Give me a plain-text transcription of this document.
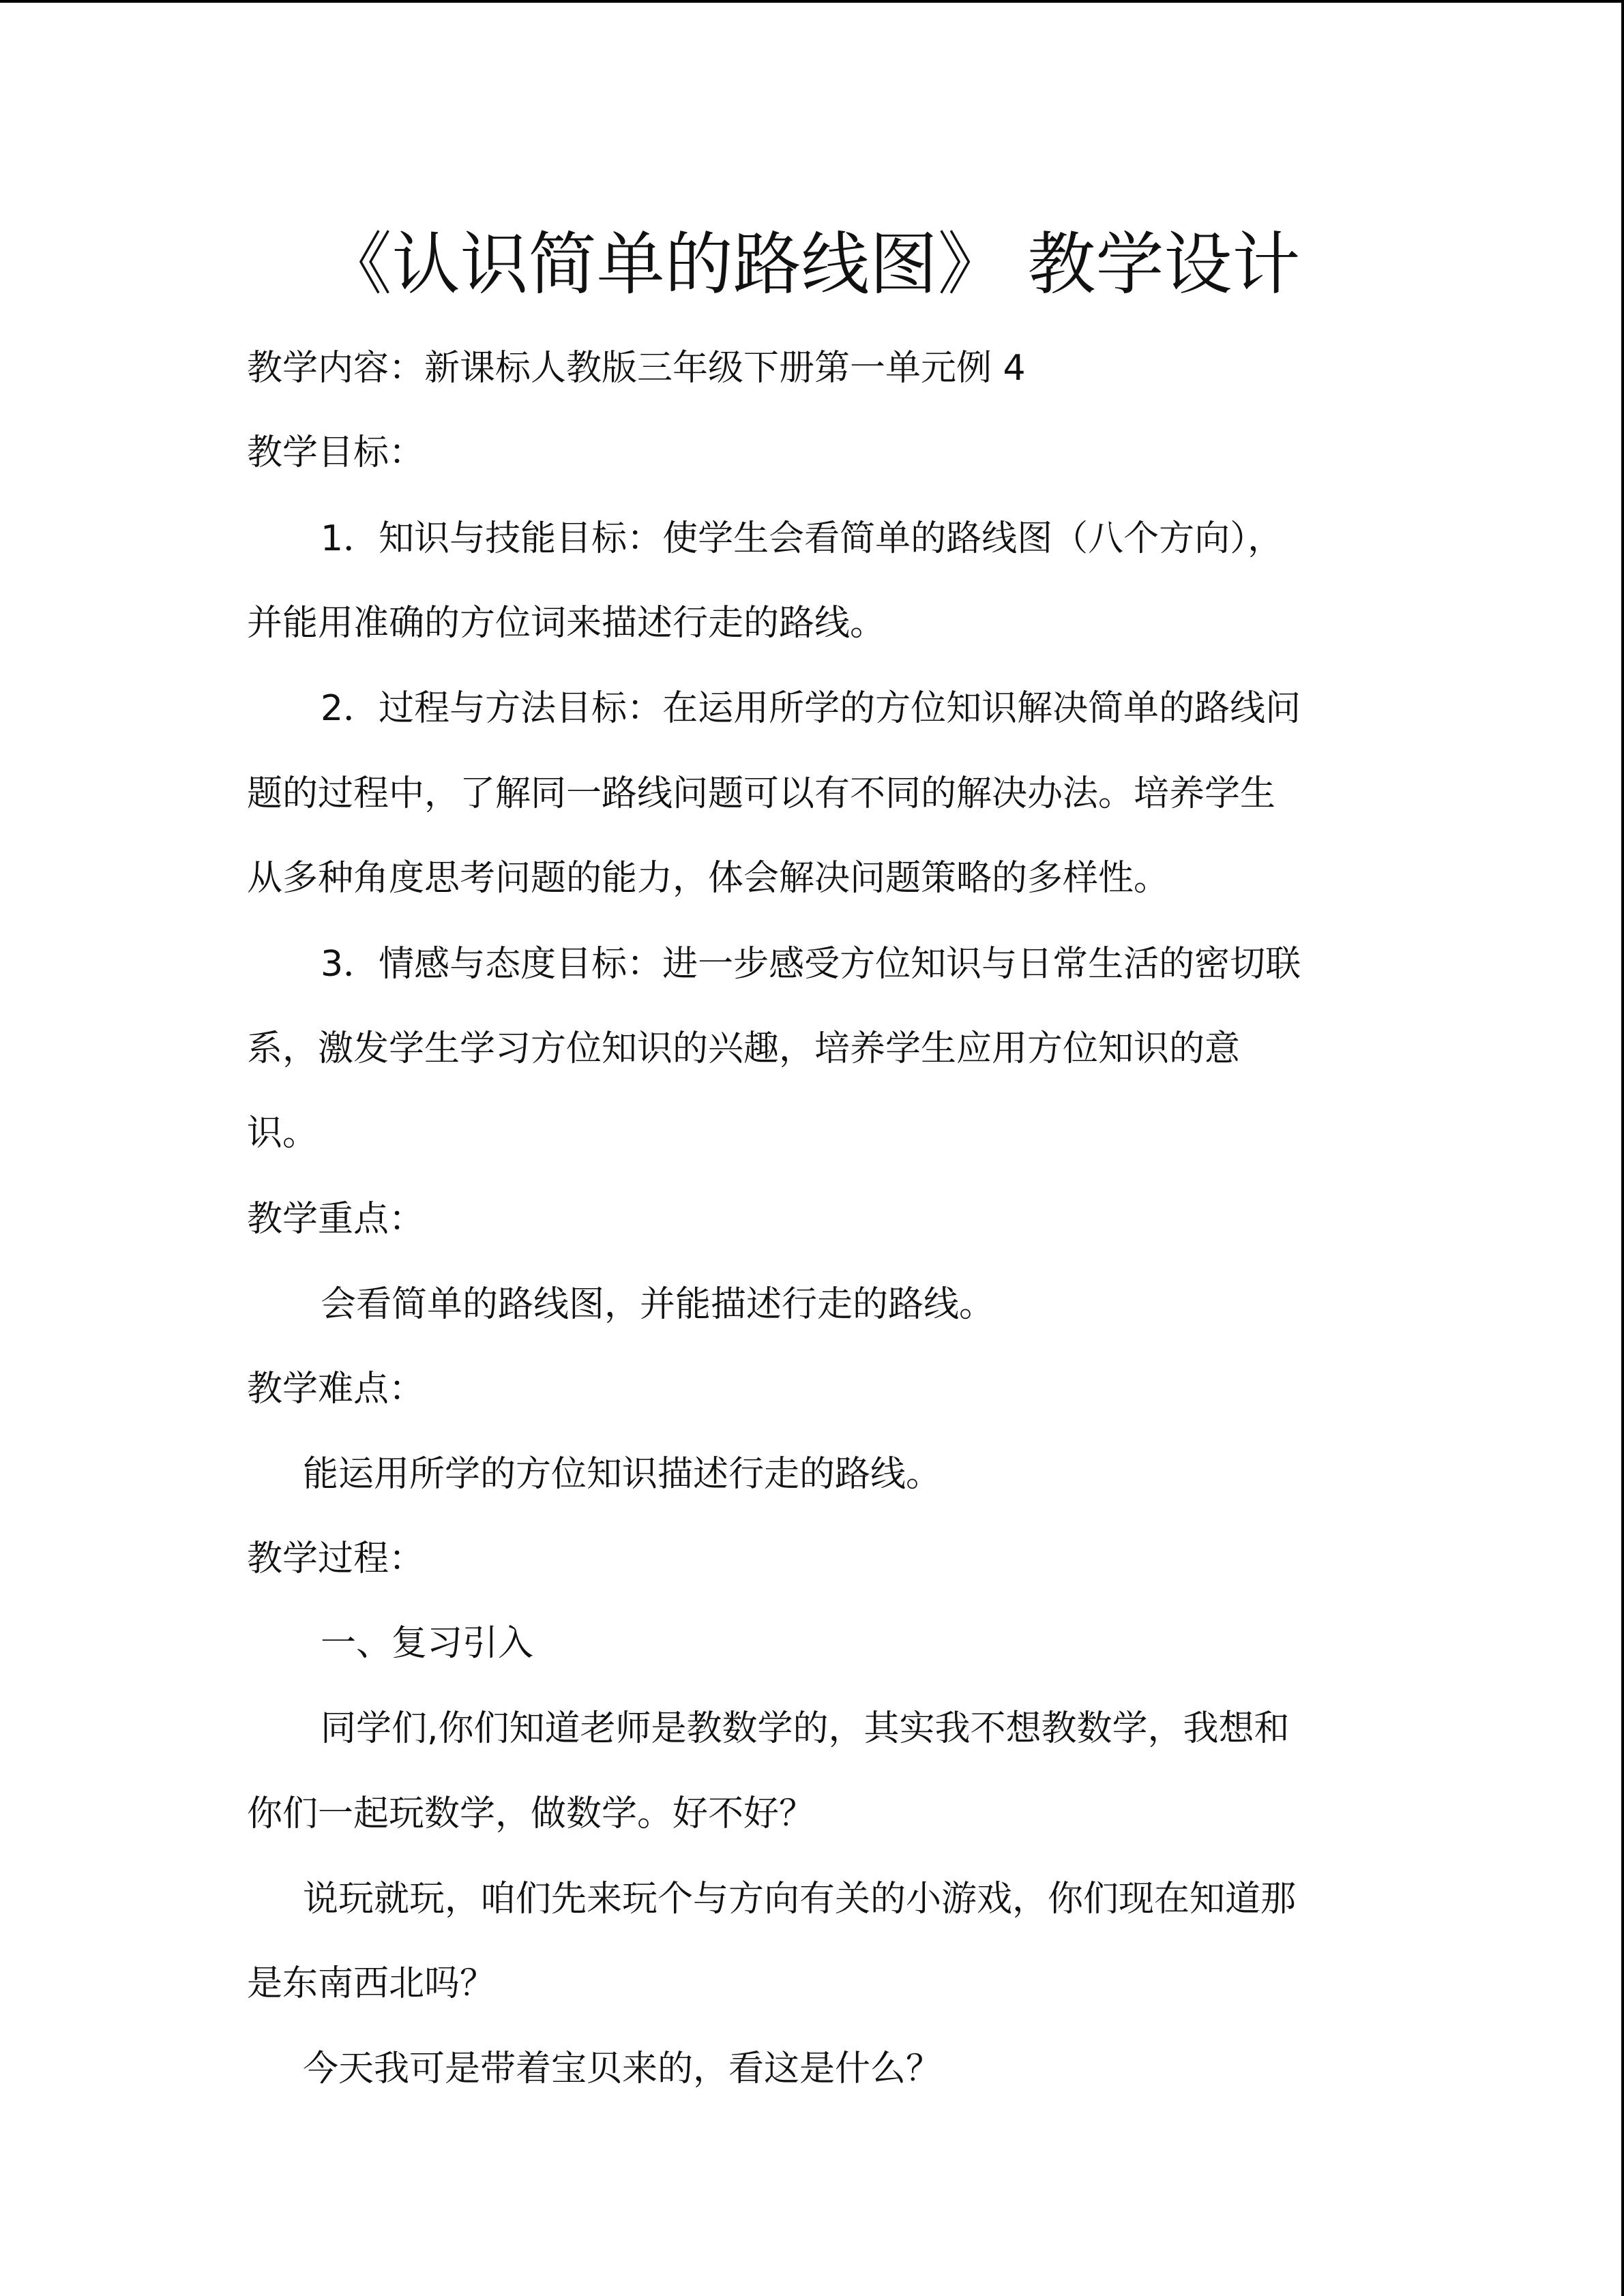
《认识简单的路线图》 教学设计
教学内容：新课标人教版三年级下册第一单元例 4
教学目标：
1．知识与技能目标：使学生会看简单的路线图（八个方向），
并能用准确的方位词来描述行走的路线。
2．过程与方法目标：在运用所学的方位知识解决简单的路线问
题的过程中，了解同一路线问题可以有不同的解决办法。培养学生
从多种角度思考问题的能力，体会解决问题策略的多样性。
3．情感与态度目标：进一步感受方位知识与日常生活的密切联
系，激发学生学习方位知识的兴趣，培养学生应用方位知识的意
识。
教学重点：
会看简单的路线图，并能描述行走的路线。
教学难点：
能运用所学的方位知识描述行走的路线。
教学过程：
一、复习引入
同学们,你们知道老师是教数学的，其实我不想教数学，我想和
你们一起玩数学，做数学。好不好？
说玩就玩，咱们先来玩个与方向有关的小游戏，你们现在知道那
是东南西北吗？
今天我可是带着宝贝来的，看这是什么？
